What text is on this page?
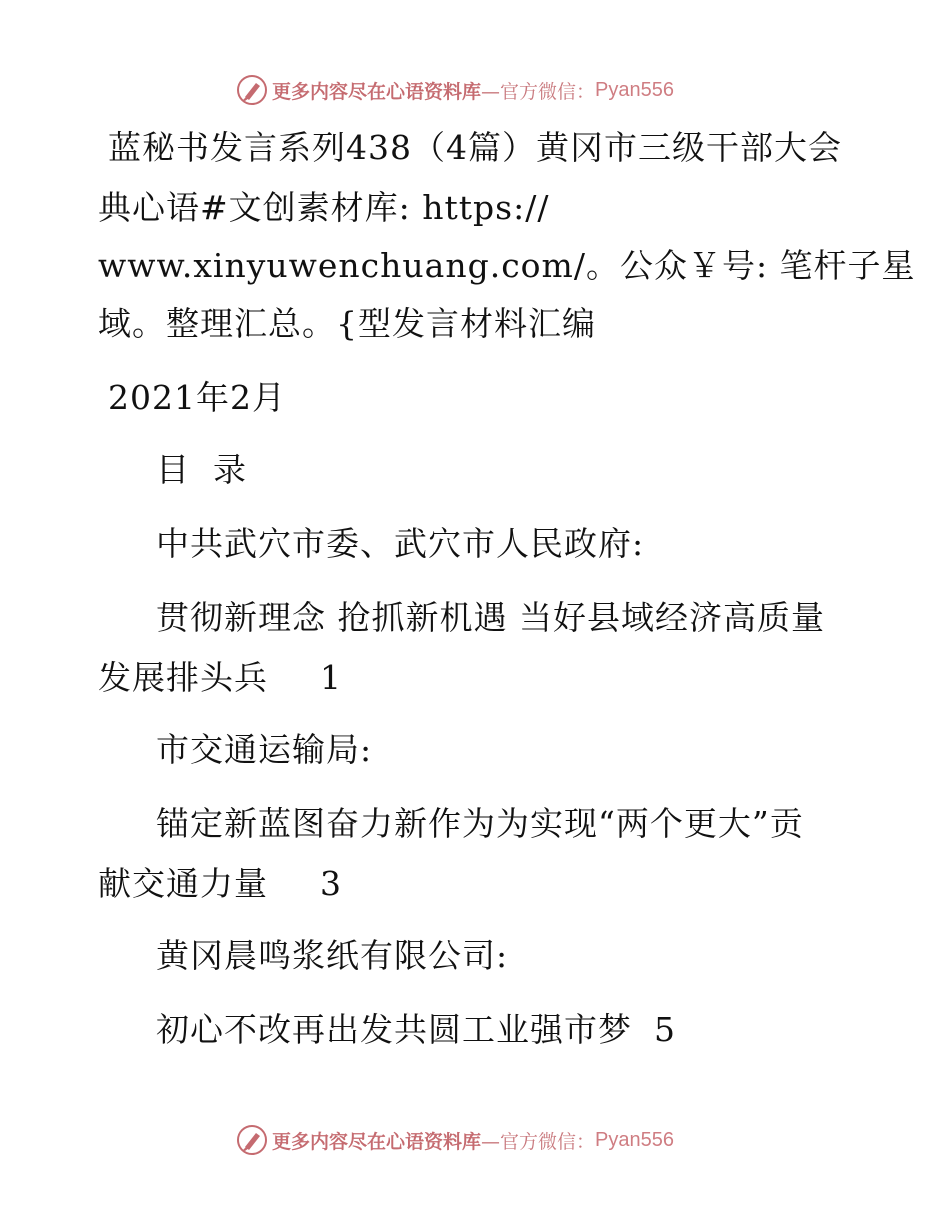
更多内容尽在心语资料库 —官方微信： Pyan556
蓝秘书发言系列438（4篇）黄冈市三级干部大会
典心语#文创素材库: https://
www.xinyuwenchuang.com/。公众￥号: 笔杆子星
域。整理汇总。{型发言材料汇编
2021年2月
目  录
中共武穴市委、武穴市人民政府:
贯彻新理念 抢抓新机遇 当好县域经济高质量
发展排头兵 1
市交通运输局:
锚定新蓝图奋力新作为为实现“两个更大”贡
献交通力量 3
黄冈晨鸣浆纸有限公司:
初心不改再出发共圆工业强市梦 5
更多内容尽在心语资料库 —官方微信： Pyan556
